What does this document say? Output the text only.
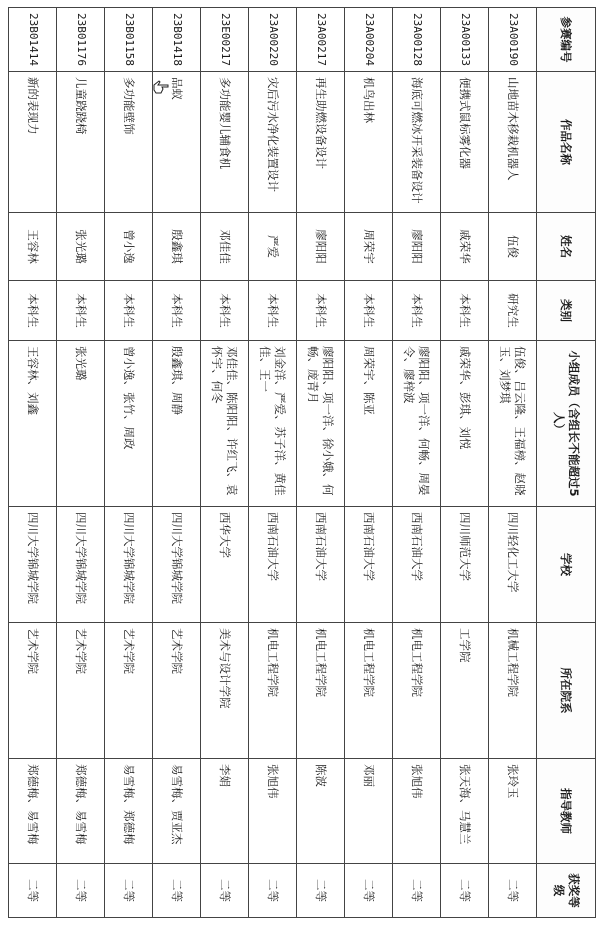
参赛编号	作品名称	姓名	类别	小组成员（含组长不能超过5人）	学校	所在院系	指导教师	获奖等级
23A00190	山地苗木移栽机器人	伍俊	研究生	伍俊、吕云隆、王福榜、赵晓玉、刘梦琪	四川轻化工大学	机械工程学院	张玲玉	二等
23A00133	便携式鼠标雾化器	戚荣华	本科生	戚荣华、彭琪、刘悦	四川师范大学	工学院	张天海、马慧兰	二等
23A00128	海底可燃冰开采装备设计	廖阳阳	本科生	廖阳阳、项一洋、何畅、周晏令、廖梓波	西南石油大学	机电工程学院	张旭伟	二等
23A00204	机鸟出林	周荣宇	本科生	周荣宇、陈亚	西南石油大学	机电工程学院	邓丽	二等
23A00217	再生助燃设备设计	廖阳阳	本科生	廖阳阳、项一洋、徐小娥、何畅、庞青月	西南石油大学	机电工程学院	陈波	二等
23A00220	灾后污水净化装置设计	严爱	本科生	刘金洋、严爱、苏子洋、黄佳佳、王一	西南石油大学	机电工程学院	张旭伟	二等
23E00217	多功能婴儿辅食机	邓佳佳	本科生	邓佳佳、陈阳阳、许红飞、袁怀宇、何冬	西华大学	美术与设计学院	李娟	二等
23B01418	品蚁	殷鑫琪	本科生	殷鑫琪、周静	四川大学锦城学院	艺术学院	易雪梅、贾亚杰	二等
23B01158	多功能壁饰	曾小逸	本科生	曾小逸、张竹、周政	四川大学锦城学院	艺术学院	易雪梅、郑德梅	二等
23B01176	儿童跷跷椅	张光璐	本科生	张光璐	四川大学锦城学院	艺术学院	郑德梅、易雪梅	二等
23B01414	新的表现力	王容林	本科生	王容林、刘鑫	四川大学锦城学院	艺术学院	郑德梅、易雪梅	二等
